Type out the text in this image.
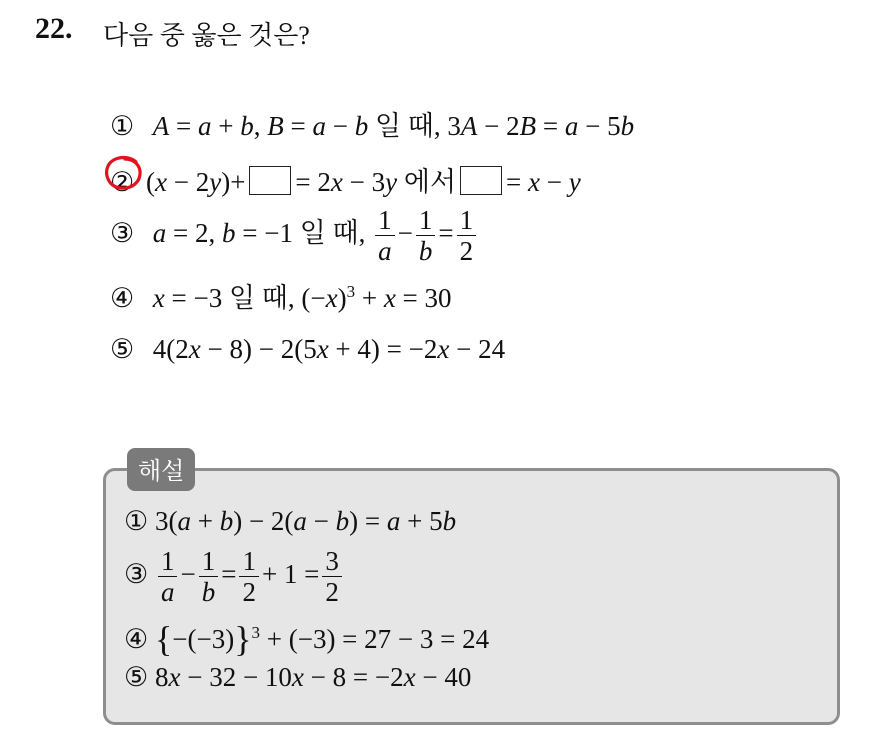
22. 다음 중 옳은 것은?
① A = a + b, B = a − b 일 때, 3A − 2B = a − 5b
② (x − 2y)+ = 2x − 3y 에서 = x − y
③ a = 2, b = −1 일 때, $\frac{1}{a} - \frac{1}{b} = \frac{1}{2}$
④ x = −3 일 때, $(-x)^3 + x = 30$
⑤ 4(2x − 8) − 2(5x + 4) = −2x − 24
해설
① 3(a + b) − 2(a − b) = a + 5b
③ $\frac{1}{a} - \frac{1}{b} = \frac{1}{2} + 1 = \frac{3}{2}$
④ $\{-(-3)\}^3 + (-3) = 27 - 3 = 24$
⑤ 8x − 32 − 10x − 8 = −2x − 40
